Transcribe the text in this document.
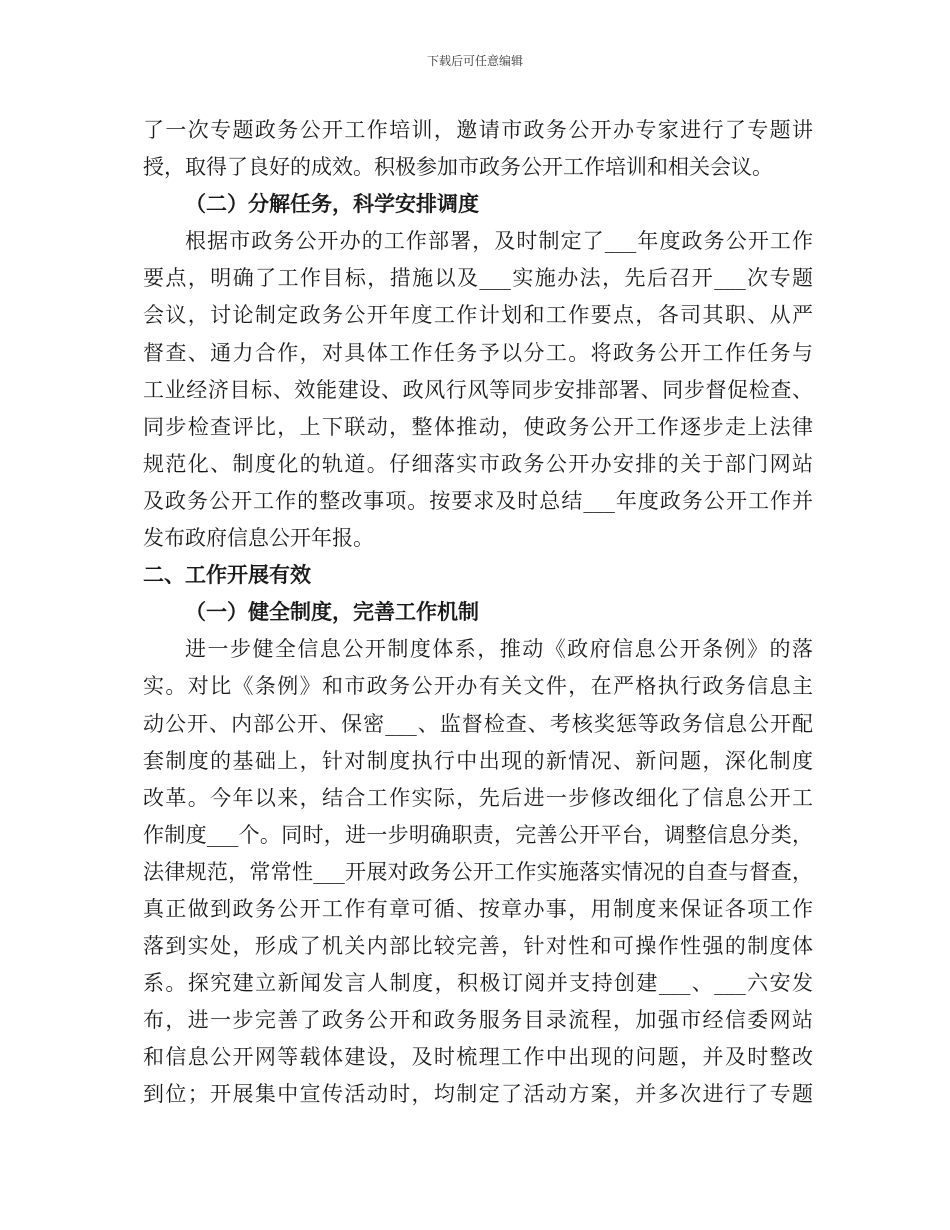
下载后可任意编辑
了一次专题政务公开工作培训，邀请市政务公开办专家进行了专题讲
授，取得了良好的成效。积极参加市政务公开工作培训和相关会议。
（二）分解任务，科学安排调度
根据市政务公开办的工作部署，及时制定了___年度政务公开工作
要点，明确了工作目标，措施以及___实施办法，先后召开___次专题
会议，讨论制定政务公开年度工作计划和工作要点，各司其职、从严
督查、通力合作，对具体工作任务予以分工。将政务公开工作任务与
工业经济目标、效能建设、政风行风等同步安排部署、同步督促检查、
同步检查评比，上下联动，整体推动，使政务公开工作逐步走上法律
规范化、制度化的轨道。仔细落实市政务公开办安排的关于部门网站
及政务公开工作的整改事项。按要求及时总结___年度政务公开工作并
发布政府信息公开年报。
二、工作开展有效
（一）健全制度，完善工作机制
进一步健全信息公开制度体系，推动《政府信息公开条例》的落
实。对比《条例》和市政务公开办有关文件，在严格执行政务信息主
动公开、内部公开、保密___、监督检查、考核奖惩等政务信息公开配
套制度的基础上，针对制度执行中出现的新情况、新问题，深化制度
改革。今年以来，结合工作实际，先后进一步修改细化了信息公开工
作制度___个。同时，进一步明确职责，完善公开平台，调整信息分类，
法律规范，常常性___开展对政务公开工作实施落实情况的自查与督查，
真正做到政务公开工作有章可循、按章办事，用制度来保证各项工作
落到实处，形成了机关内部比较完善，针对性和可操作性强的制度体
系。探究建立新闻发言人制度，积极订阅并支持创建___、___六安发
布，进一步完善了政务公开和政务服务目录流程，加强市经信委网站
和信息公开网等载体建设，及时梳理工作中出现的问题，并及时整改
到位；开展集中宣传活动时，均制定了活动方案，并多次进行了专题
